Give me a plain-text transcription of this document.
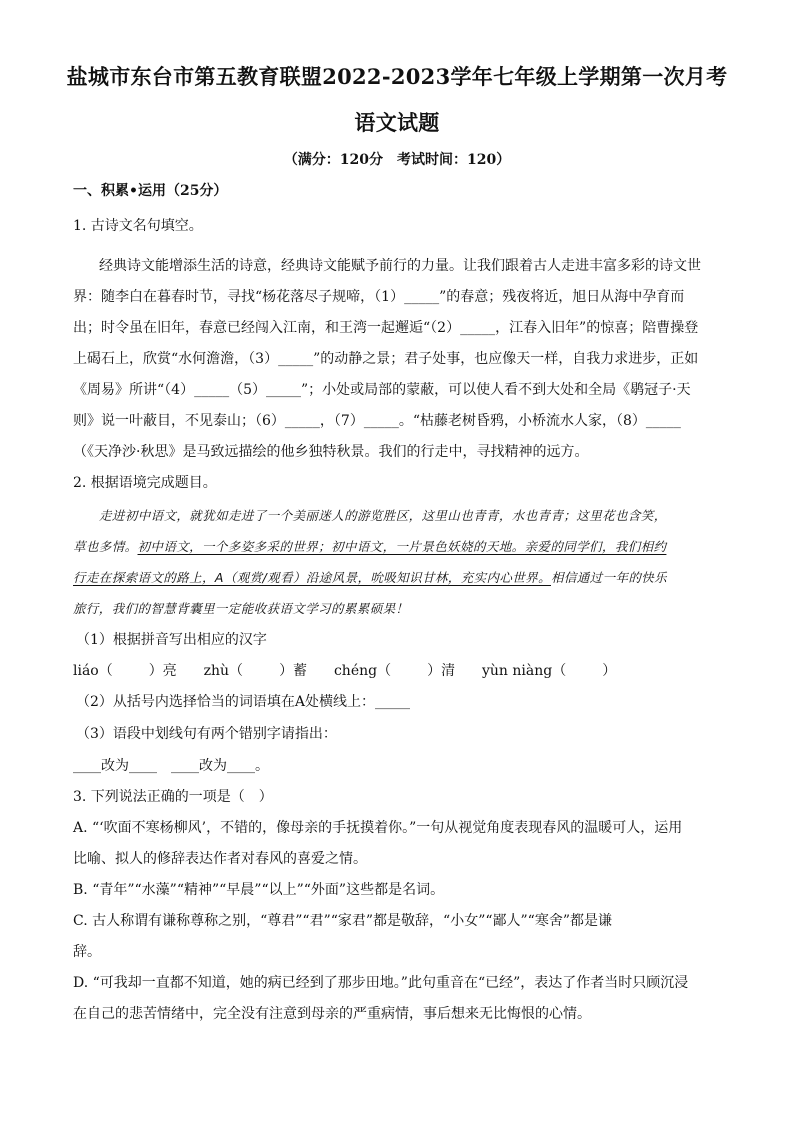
盐城市东台市第五教育联盟2022-2023学年七年级上学期第一次月考
语文试题
（满分：120分　考试时间：120）
一、积累•运用（25分）
1. 古诗文名句填空。
经典诗文能增添生活的诗意，经典诗文能赋予前行的力量。让我们跟着古人走进丰富多彩的诗文世
界：随李白在暮春时节，寻找“杨花落尽子规啼，（1）_____”的春意；残夜将近，旭日从海中孕育而
出；时令虽在旧年，春意已经闯入江南，和王湾一起邂逅“（2）_____，江春入旧年”的惊喜；陪曹操登
上碣石上，欣赏“水何澹澹，（3）_____”的动静之景；君子处事，也应像天一样，自我力求进步，正如
《周易》所讲“（4）_____（5）_____”；小处或局部的蒙蔽，可以使人看不到大处和全局《鹖冠子·天
则》说一叶蔽目，不见泰山；（6）_____，（7）_____。“枯藤老树昏鸦，小桥流水人家，（8）_____
（《天净沙·秋思》是马致远描绘的他乡独特秋景。我们的行走中，寻找精神的远方。
2. 根据语境完成题目。
走进初中语文，就犹如走进了一个美丽迷人的游览胜区，这里山也青青，水也青青；这里花也含笑，
草也多情。初中语文，一个多姿多采的世界；初中语文，一片景色妖娆的天地。亲爱的同学们，我们相约
行走在探索语文的路上，A（观赏/观看）沿途风景，吮吸知识甘林，充实内心世界。相信通过一年的快乐
旅行，我们的智慧背囊里一定能收获语文学习的累累硕果！
（1）根据拼音写出相应的汉字
liáo（	）亮 zhù（	）蓄 chéng（	）清 yùn niàng（	）
（2）从括号内选择恰当的词语填在A处横线上：_____
（3）语段中划线句有两个错别字请指出：
____改为____　____改为____。
3. 下列说法正确的一项是（　）
A. “‘吹面不寒杨柳风’，不错的，像母亲的手抚摸着你。”一句从视觉角度表现春风的温暖可人，运用
比喻、拟人的修辞表达作者对春风的喜爱之情。
B. “青年”“水藻”“精神”“早晨”“以上”“外面”这些都是名词。
C. 古人称谓有谦称尊称之别，“尊君”“君”“家君”都是敬辞，“小女”“鄙人”“寒舍”都是谦
辞。
D. “可我却一直都不知道，她的病已经到了那步田地。”此句重音在“已经”，表达了作者当时只顾沉浸
在自己的悲苦情绪中，完全没有注意到母亲的严重病情，事后想来无比悔恨的心情。
